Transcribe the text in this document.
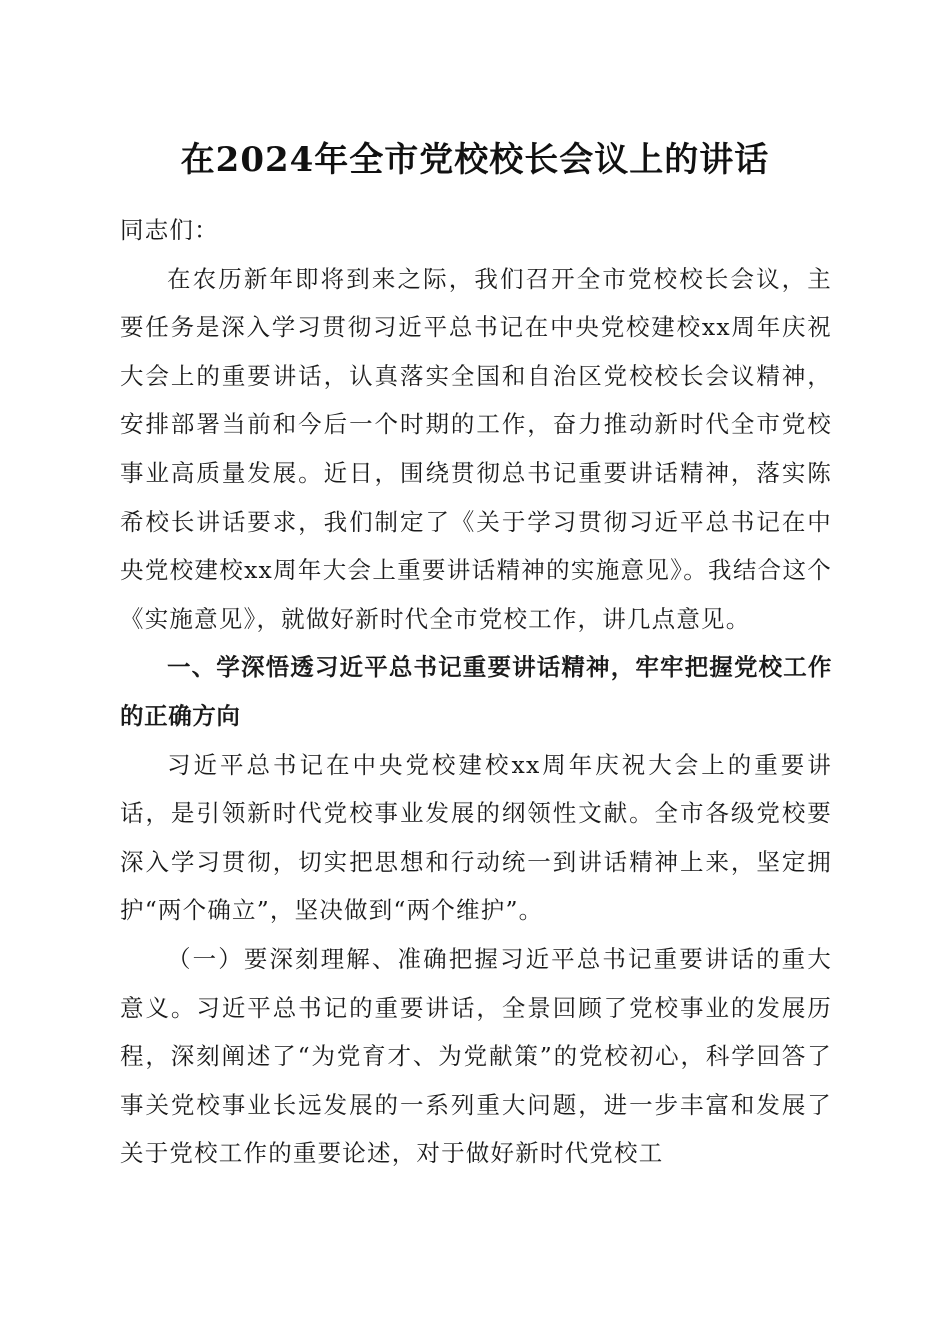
在2024年全市党校校长会议上的讲话

同志们：

在农历新年即将到来之际，我们召开全市党校校长会议，主要任务是深入学习贯彻习近平总书记在中央党校建校xx周年庆祝大会上的重要讲话，认真落实全国和自治区党校校长会议精神，安排部署当前和今后一个时期的工作，奋力推动新时代全市党校事业高质量发展。近日，围绕贯彻总书记重要讲话精神，落实陈希校长讲话要求，我们制定了《关于学习贯彻习近平总书记在中央党校建校xx周年大会上重要讲话精神的实施意见》。我结合这个《实施意见》，就做好新时代全市党校工作，讲几点意见。

一、学深悟透习近平总书记重要讲话精神，牢牢把握党校工作的正确方向

习近平总书记在中央党校建校xx周年庆祝大会上的重要讲话，是引领新时代党校事业发展的纲领性文献。全市各级党校要深入学习贯彻，切实把思想和行动统一到讲话精神上来，坚定拥护“两个确立”，坚决做到“两个维护”。

（一）要深刻理解、准确把握习近平总书记重要讲话的重大意义。习近平总书记的重要讲话，全景回顾了党校事业的发展历程，深刻阐述了“为党育才、为党献策”的党校初心，科学回答了事关党校事业长远发展的一系列重大问题，进一步丰富和发展了关于党校工作的重要论述，对于做好新时代党校工
